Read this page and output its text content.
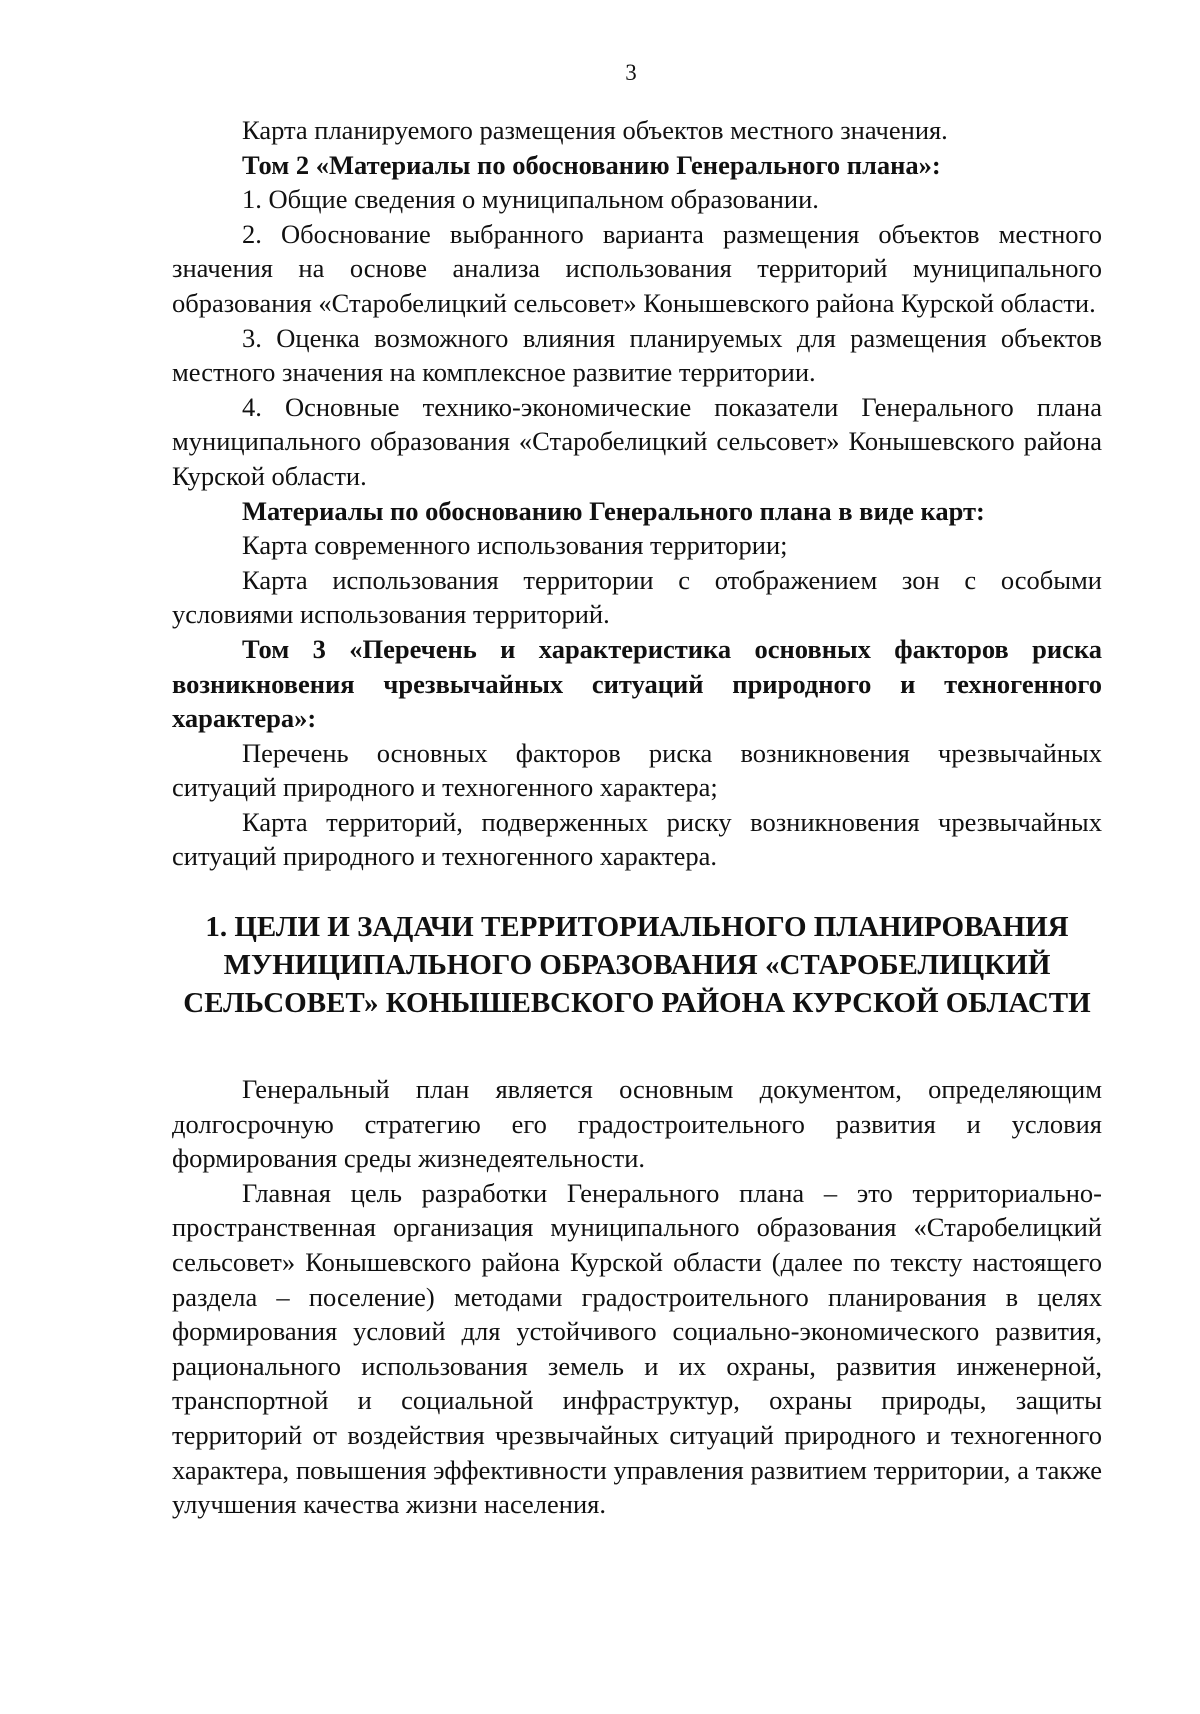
3

Карта планируемого размещения объектов местного значения.

Том 2 «Материалы по обоснованию Генерального плана»:

1. Общие сведения о муниципальном образовании.

2. Обоснование выбранного варианта размещения объектов местного значения на основе анализа использования территорий муниципального образования «Старобелицкий сельсовет» Конышевского района Курской области.

3. Оценка возможного влияния планируемых для размещения объектов местного значения на комплексное развитие территории.

4. Основные технико-экономические показатели Генерального плана муниципального образования «Старобелицкий сельсовет» Конышевского района Курской области.

Материалы по обоснованию Генерального плана в виде карт:

Карта современного использования территории;

Карта использования территории с отображением зон с особыми условиями использования территорий.

Том 3 «Перечень и характеристика основных факторов риска возникновения чрезвычайных ситуаций природного и техногенного характера»:

Перечень основных факторов риска возникновения чрезвычайных ситуаций природного и техногенного характера;

Карта территорий, подверженных риску возникновения чрезвычайных ситуаций природного и техногенного характера.

1. ЦЕЛИ И ЗАДАЧИ ТЕРРИТОРИАЛЬНОГО ПЛАНИРОВАНИЯ
МУНИЦИПАЛЬНОГО ОБРАЗОВАНИЯ «СТАРОБЕЛИЦКИЙ
СЕЛЬСОВЕТ» КОНЫШЕВСКОГО РАЙОНА КУРСКОЙ ОБЛАСТИ

Генеральный план является основным документом, определяющим долгосрочную стратегию его градостроительного развития и условия формирования среды жизнедеятельности.

Главная цель разработки Генерального плана – это территориально-пространственная организация муниципального образования «Старобелицкий сельсовет» Конышевского района Курской области (далее по тексту настоящего раздела – поселение) методами градостроительного планирования в целях формирования условий для устойчивого социально-экономического развития, рационального использования земель и их охраны, развития инженерной, транспортной и социальной инфраструктур, охраны природы, защиты территорий от воздействия чрезвычайных ситуаций природного и техногенного характера, повышения эффективности управления развитием территории, а также улучшения качества жизни населения.
